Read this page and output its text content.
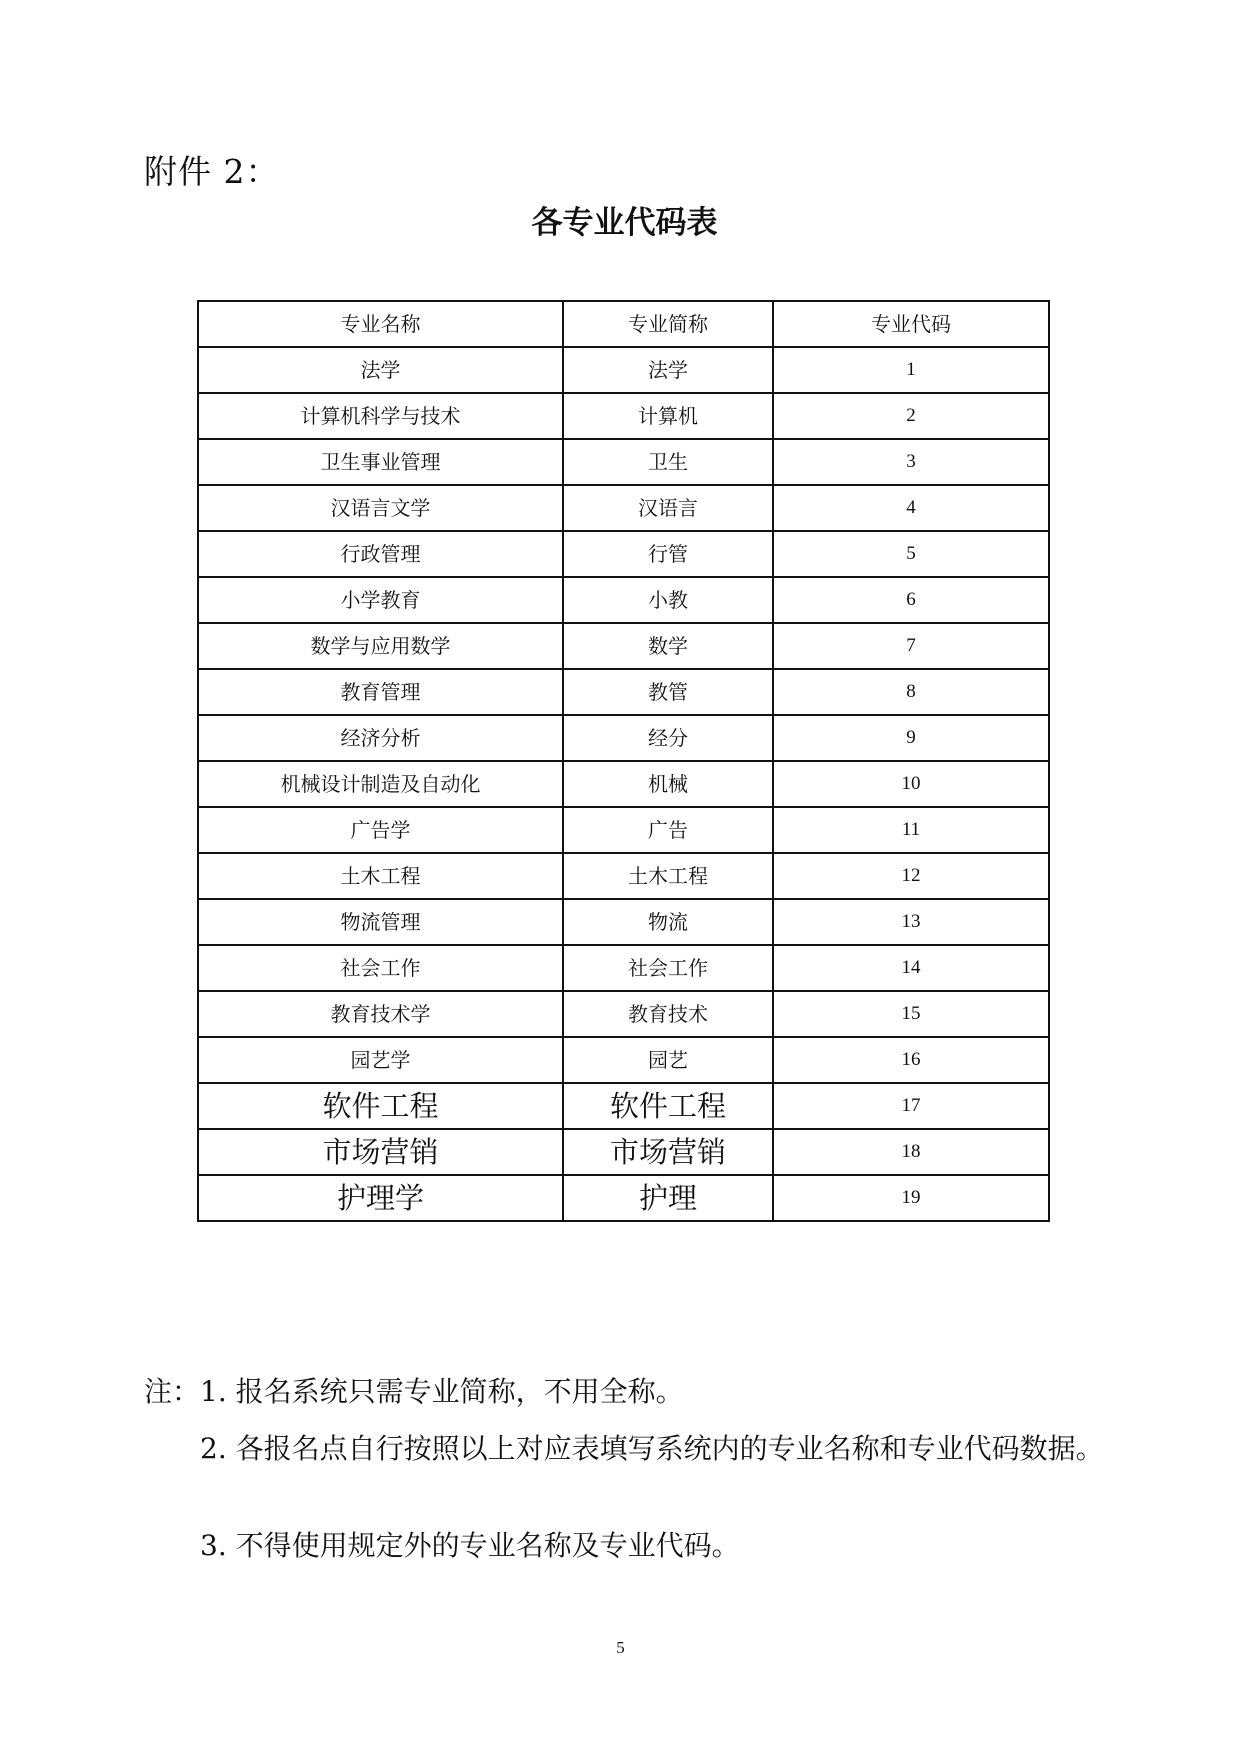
附件 2：
各专业代码表
专业名称	专业简称	专业代码
法学	法学	1
计算机科学与技术	计算机	2
卫生事业管理	卫生	3
汉语言文学	汉语言	4
行政管理	行管	5
小学教育	小教	6
数学与应用数学	数学	7
教育管理	教管	8
经济分析	经分	9
机械设计制造及自动化	机械	10
广告学	广告	11
土木工程	土木工程	12
物流管理	物流	13
社会工作	社会工作	14
教育技术学	教育技术	15
园艺学	园艺	16
软件工程	软件工程	17
市场营销	市场营销	18
护理学	护理	19
注：1. 报名系统只需专业简称，不用全称。
2. 各报名点自行按照以上对应表填写系统内的专业名称和专业代码数据。
3. 不得使用规定外的专业名称及专业代码。
5
